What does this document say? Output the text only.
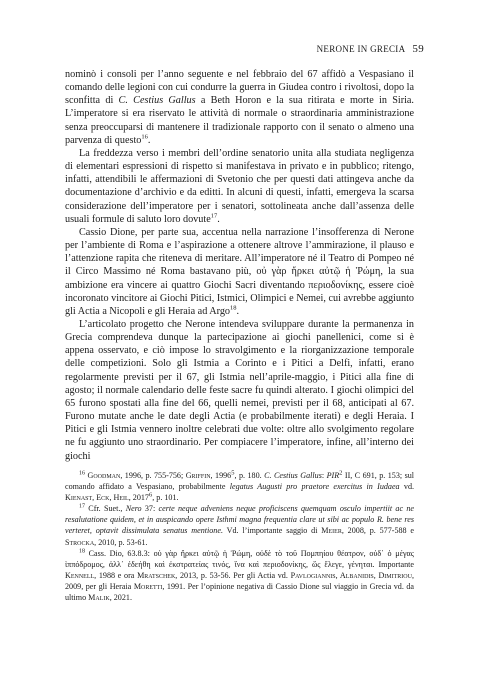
NERONE IN GRECIA 59

nominò i consoli per l’anno seguente e nel febbraio del 67 affidò a Vespasiano il comando delle legioni con cui condurre la guerra in Giudea contro i rivoltosi, dopo la sconfitta di C. Cestius Gallus a Beth Horon e la sua ritirata e morte in Siria. L’imperatore si era riservato le attività di normale o straordinaria amministrazione senza preoccuparsi di mantenere il tradizionale rapporto con il senato o almeno una parvenza di questo$^{16}$.

La freddezza verso i membri dell’ordine senatorio unita alla studiata negligenza di elementari espressioni di rispetto si manifestava in privato e in pubblico; ritengo, infatti, attendibili le affermazioni di Svetonio che per questi dati attingeva anche da documentazione d’archivio e da editti. In alcuni di questi, infatti, emergeva la scarsa considerazione dell’imperatore per i senatori, sottolineata anche dall’assenza delle usuali formule di saluto loro dovute$^{17}$.

Cassio Dione, per parte sua, accentua nella narrazione l’insofferenza di Nerone per l’ambiente di Roma e l’aspirazione a ottenere altrove l’ammirazione, il plauso e l’attenzione rapita che riteneva di meritare. All’imperatore né il Teatro di Pompeo né il Circo Massimo né Roma bastavano più, οὐ γὰρ ἤρκει αὐτῷ ἡ Ῥώμη, la sua ambizione era vincere ai quattro Giochi Sacri diventando περιοδονίκης, essere cioè incoronato vincitore ai Giochi Pitici, Istmici, Olimpici e Nemei, cui avrebbe aggiunto gli Actia a Nicopoli e gli Heraia ad Argo$^{18}$.

L’articolato progetto che Nerone intendeva sviluppare durante la permanenza in Grecia comprendeva dunque la partecipazione ai giochi panellenici, come si è appena osservato, e ciò impose lo stravolgimento e la riorganizzazione temporale delle competizioni. Solo gli Istmia a Corinto e i Pitici a Delfi, infatti, erano regolarmente previsti per il 67, gli Istmia nell’aprile-maggio, i Pitici alla fine di agosto; il normale calendario delle feste sacre fu quindi alterato. I giochi olimpici del 65 furono spostati alla fine del 66, quelli nemei, previsti per il 68, anticipati al 67. Furono mutate anche le date degli Actia (e probabilmente iterati) e degli Heraia. I Pitici e gli Istmia vennero inoltre celebrati due volte: oltre allo svolgimento regolare ne fu aggiunto uno straordinario. Per compiacere l’imperatore, infine, all’interno dei giochi

$^{16}$ Goodman, 1996, p. 755-756; Griffin, 1996$^5$, p. 180. C. Cestius Gallus: PIR$^2$ II, C 691, p. 153; sul comando affidato a Vespasiano, probabilmente legatus Augusti pro praetore exercitus in Iudaea vd. Kienast, Eck, Heil, 2017$^6$, p. 101.

$^{17}$ Cfr. Suet., Nero 37: certe neque adveniens neque proficiscens quemquam osculo impertiit ac ne resalutatione quidem, et in auspicando opere Isthmi magna frequentia clare ut sibi ac populo R. bene res verteret, optavit dissimulata senatus mentione. Vd. l’importante saggio di Meier, 2008, p. 577-588 e Strocka, 2010, p. 53-61.

$^{18}$ Cass. Dio, 63.8.3: οὐ γὰρ ἤρκει αὐτῷ ἡ Ῥώμη, οὐδὲ τὸ τοῦ Πομπηίου θέατρον, οὐδ᾽ ὁ μέγας ἱππόδρομος, ἀλλ᾽ ἐδεήθη καὶ ἐκστρατείας τινός, ἵνα καὶ περιοδονίκης, ὥς ἔλεγε, γένηται. Importante Kennell, 1988 e ora Mratschek, 2013, p. 53-56. Per gli Actia vd. Pavlogiannis, Albanidis, Dimitriou, 2009, per gli Heraia Moretti, 1991. Per l’opinione negativa di Cassio Dione sul viaggio in Grecia vd. da ultimo Malik, 2021.
